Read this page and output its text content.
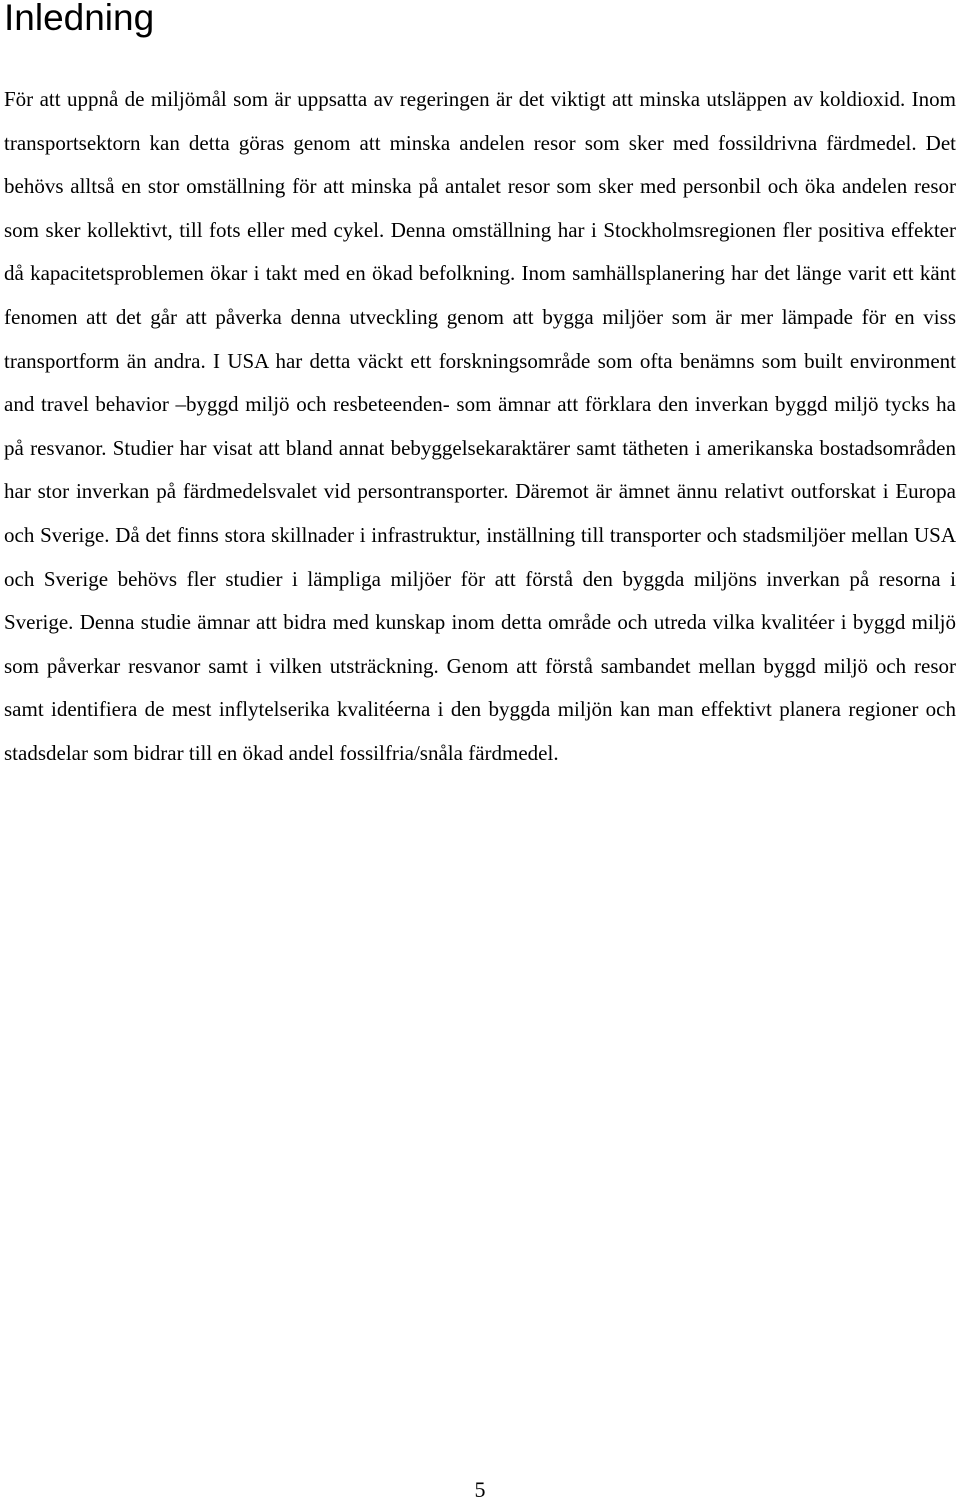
Inledning

För att uppnå de miljömål som är uppsatta av regeringen är det viktigt att minska utsläppen av koldioxid. Inom transportsektorn kan detta göras genom att minska andelen resor som sker med fossildrivna färdmedel. Det behövs alltså en stor omställning för att minska på antalet resor som sker med personbil och öka andelen resor som sker kollektivt, till fots eller med cykel. Denna omställning har i Stockholmsregionen fler positiva effekter då kapacitetsproblemen ökar i takt med en ökad befolkning. Inom samhällsplanering har det länge varit ett känt fenomen att det går att påverka denna utveckling genom att bygga miljöer som är mer lämpade för en viss transportform än andra. I USA har detta väckt ett forskningsområde som ofta benämns som built environment and travel behavior –byggd miljö och resbeteenden- som ämnar att förklara den inverkan byggd miljö tycks ha på resvanor. Studier har visat att bland annat bebyggelsekaraktärer samt tätheten i amerikanska bostadsområden har stor inverkan på färdmedelsvalet vid persontransporter. Däremot är ämnet ännu relativt outforskat i Europa och Sverige. Då det finns stora skillnader i infrastruktur, inställning till transporter och stadsmiljöer mellan USA och Sverige behövs fler studier i lämpliga miljöer för att förstå den byggda miljöns inverkan på resorna i Sverige. Denna studie ämnar att bidra med kunskap inom detta område och utreda vilka kvalitéer i byggd miljö som påverkar resvanor samt i vilken utsträckning. Genom att förstå sambandet mellan byggd miljö och resor samt identifiera de mest inflytelserika kvalitéerna i den byggda miljön kan man effektivt planera regioner och stadsdelar som bidrar till en ökad andel fossilfria/snåla färdmedel.

5
